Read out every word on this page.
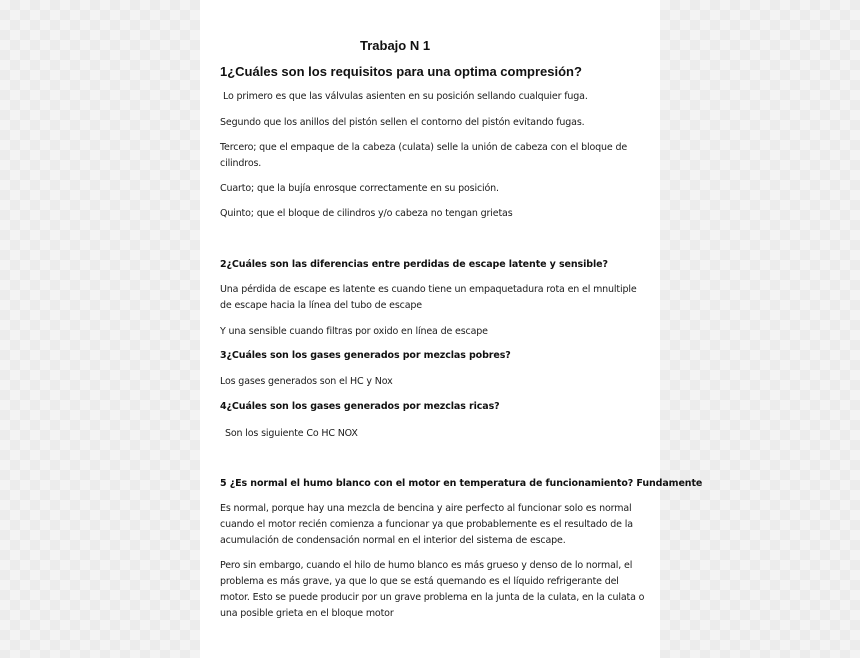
Trabajo N 1
1¿Cuáles son los requisitos para una optima compresión?
Lo primero es que las válvulas asienten en su posición sellando cualquier fuga.
Segundo que los anillos del pistón sellen el contorno del pistón evitando fugas.
Tercero; que el empaque de la cabeza (culata) selle la unión de cabeza con el bloque de cilindros.
Cuarto; que la bujía enrosque correctamente en su posición.
Quinto; que el bloque de cilindros y/o cabeza no tengan grietas
2¿Cuáles son las diferencias entre perdidas de escape latente y sensible?
Una pérdida de escape es latente es cuando tiene un empaquetadura rota en el mnultiple de escape hacia la línea del tubo de escape
Y una sensible cuando filtras por oxido en línea de escape
3¿Cuáles son los gases generados por mezclas pobres?
Los gases generados son el HC y Nox
4¿Cuáles son los gases generados por mezclas ricas?
Son los siguiente Co HC NOX
5 ¿Es normal el humo blanco con el motor en temperatura de funcionamiento? Fundamente
Es normal, porque hay una mezcla de bencina y aire perfecto al funcionar solo es normal cuando el motor recién comienza a funcionar ya que probablemente es el resultado de la acumulación de condensación normal en el interior del sistema de escape.
Pero sin embargo, cuando el hilo de humo blanco es más grueso y denso de lo normal, el problema es más grave, ya que lo que se está quemando es el líquido refrigerante del motor. Esto se puede producir por un grave problema en la junta de la culata, en la culata o una posible grieta en el bloque motor
